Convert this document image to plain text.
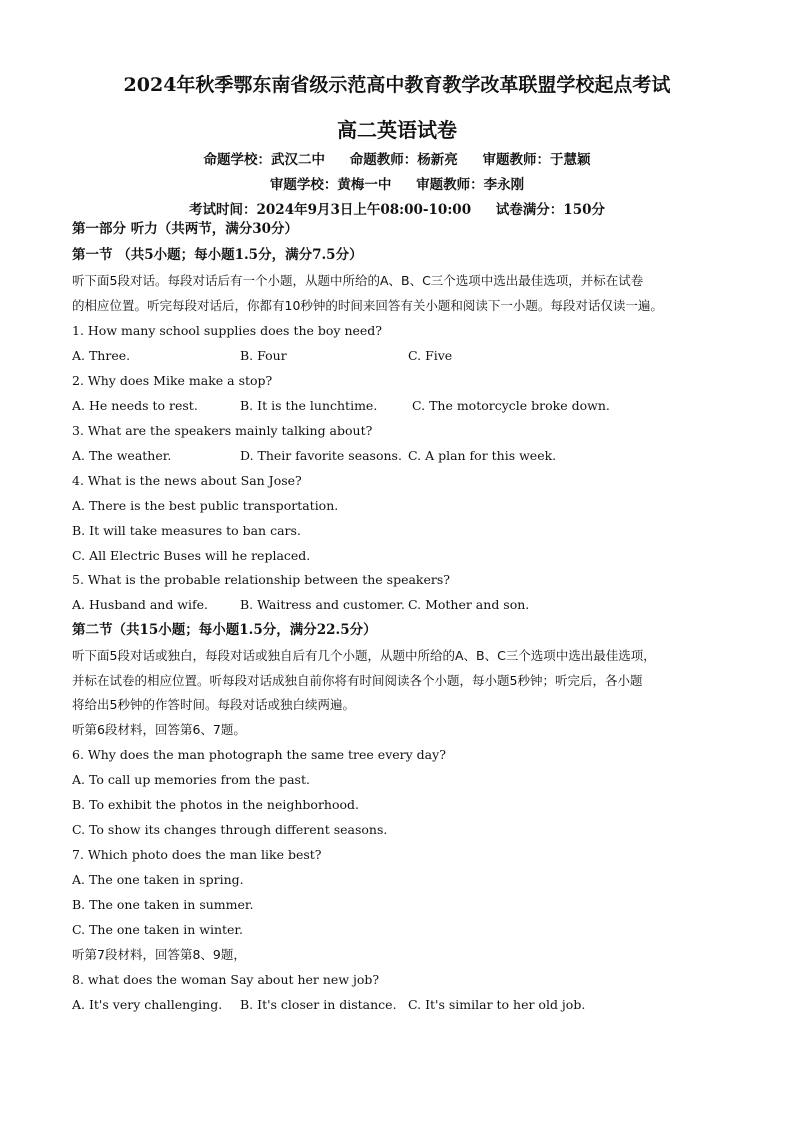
2024年秋季鄂东南省级示范高中教育教学改革联盟学校起点考试
高二英语试卷
命题学校：武汉二中 命题教师：杨新亮 审题教师：于慧颖
审题学校：黄梅一中 审题教师：李永刚
考试时间：2024年9月3日上午08:00-10:00 试卷满分：150分
第一部分 听力（共两节，满分30分）
第一节 （共5小题；每小题1.5分，满分7.5分）
听下面5段对话。每段对话后有一个小题，从题中所给的A、B、C三个选项中选出最佳选项，并标在试卷
的相应位置。听完每段对话后，你都有10秒钟的时间来回答有关小题和阅读下一小题。每段对话仅读一遍。
1. How many school supplies does the boy need?
A. Three.	B. Four	C. Five
2. Why does Mike make a stop?
A. He needs to rest.	B. It is the lunchtime.	C. The motorcycle broke down.
3. What are the speakers mainly talking about?
A. The weather.	D. Their favorite seasons. C. A plan for this week.
4. What is the news about San Jose?
A. There is the best public transportation.
B. It will take measures to ban cars.
C. All Electric Buses will he replaced.
5. What is the probable relationship between the speakers?
A. Husband and wife.	B. Waitress and customer. C. Mother and son.
第二节（共15小题；每小题1.5分，满分22.5分）
听下面5段对话或独白，每段对话或独自后有几个小题，从题中所给的A、B、C三个选项中选出最佳选项，
并标在试卷的相应位置。听每段对话成独自前你将有时间阅读各个小题，每小题5秒钟；听完后，各小题
将给出5秒钟的作答时间。每段对话或独白续两遍。
听第6段材料，回答第6、7题。
6. Why does the man photograph the same tree every day?
A. To call up memories from the past.
B. To exhibit the photos in the neighborhood.
C. To show its changes through different seasons.
7. Which photo does the man like best?
A. The one taken in spring.
B. The one taken in summer.
C. The one taken in winter.
听第7段材料，回答第8、9题，
8. what does the woman Say about her new job?
A. It's very challenging. B. It's closer in distance. C. It's similar to her old job.
